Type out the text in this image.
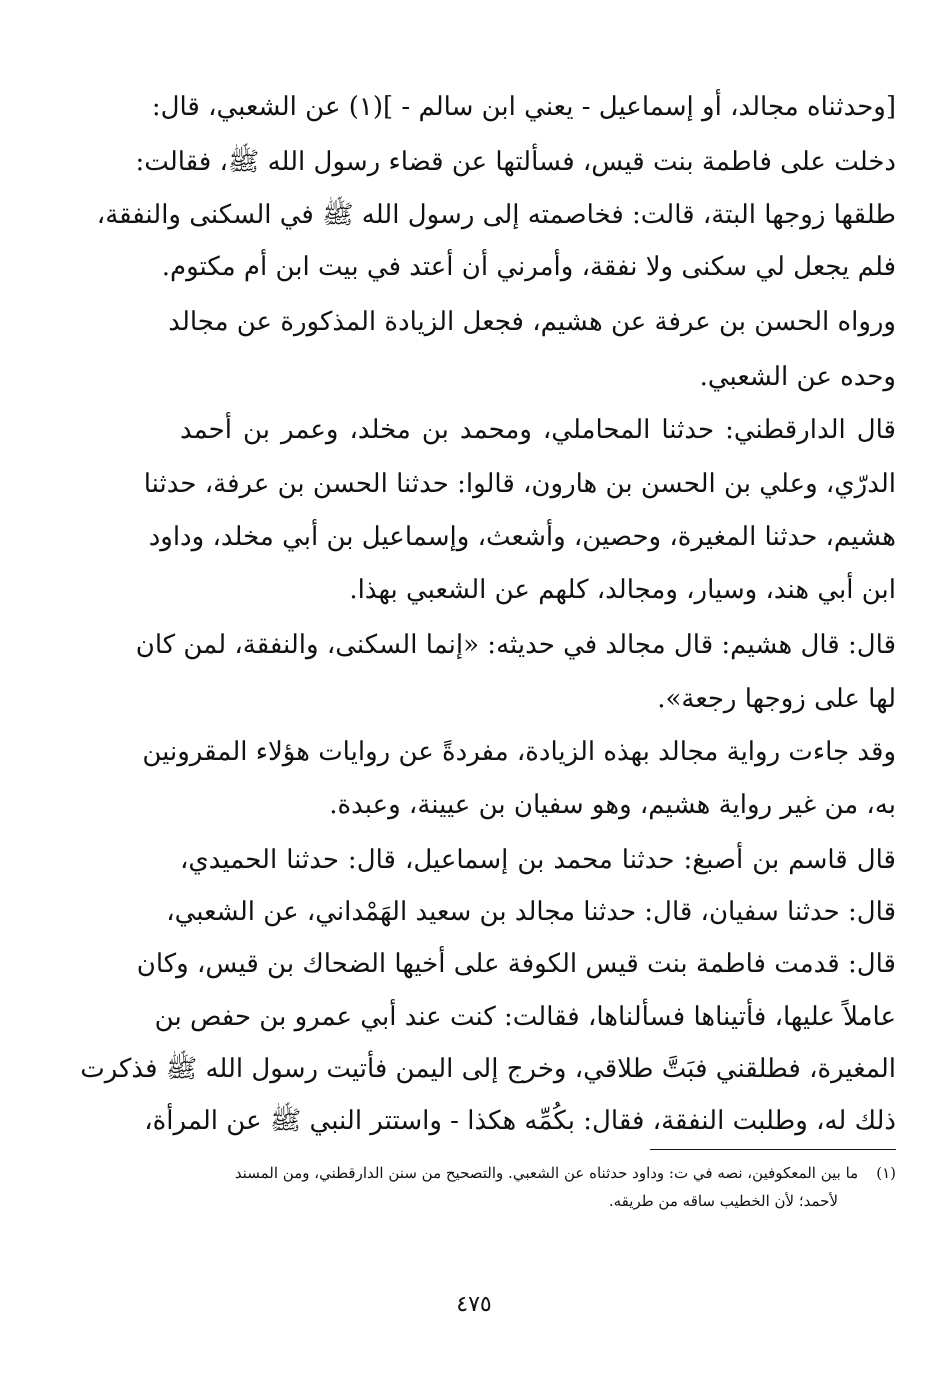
[وحدثناه مجالد، أو إسماعيل - يعني ابن سالم - ](١) عن الشعبي، قال:
دخلت على فاطمة بنت قيس، فسألتها عن قضاء رسول الله ﷺ، فقالت:
طلقها زوجها البتة، قالت: فخاصمته إلى رسول الله ﷺ في السكنى والنفقة،
فلم يجعل لي سكنى ولا نفقة، وأمرني أن أعتد في بيت ابن أم مكتوم.
ورواه الحسن بن عرفة عن هشيم، فجعل الزيادة المذكورة عن مجالد
وحده عن الشعبي.
قال الدارقطني: حدثنا المحاملي، ومحمد بن مخلد، وعمر بن أحمد
الدرّي، وعلي بن الحسن بن هارون، قالوا: حدثنا الحسن بن عرفة، حدثنا
هشيم، حدثنا المغيرة، وحصين، وأشعث، وإسماعيل بن أبي مخلد، وداود
ابن أبي هند، وسيار، ومجالد، كلهم عن الشعبي بهذا.
قال: قال هشيم: قال مجالد في حديثه: «إنما السكنى، والنفقة، لمن كان
لها على زوجها رجعة».
وقد جاءت رواية مجالد بهذه الزيادة، مفردةً عن روايات هؤلاء المقرونين
به، من غير رواية هشيم، وهو سفيان بن عيينة، وعبدة.
قال قاسم بن أصبغ: حدثنا محمد بن إسماعيل، قال: حدثنا الحميدي،
قال: حدثنا سفيان، قال: حدثنا مجالد بن سعيد الهَمْداني، عن الشعبي،
قال: قدمت فاطمة بنت قيس الكوفة على أخيها الضحاك بن قيس، وكان
عاملاً عليها، فأتيناها فسألناها، فقالت: كنت عند أبي عمرو بن حفص بن
المغيرة، فطلقني فبَتَّ طلاقي، وخرج إلى اليمن فأتيت رسول الله ﷺ فذكرت
ذلك له، وطلبت النفقة، فقال: بكُمِّه هكذا - واستتر النبي ﷺ عن المرأة،
(١)ما بين المعكوفين، نصه في ت: وداود حدثناه عن الشعبي. والتصحيح من سنن الدارقطني، ومن المسند
لأحمد؛ لأن الخطيب ساقه من طريقه.
٤٧٥
